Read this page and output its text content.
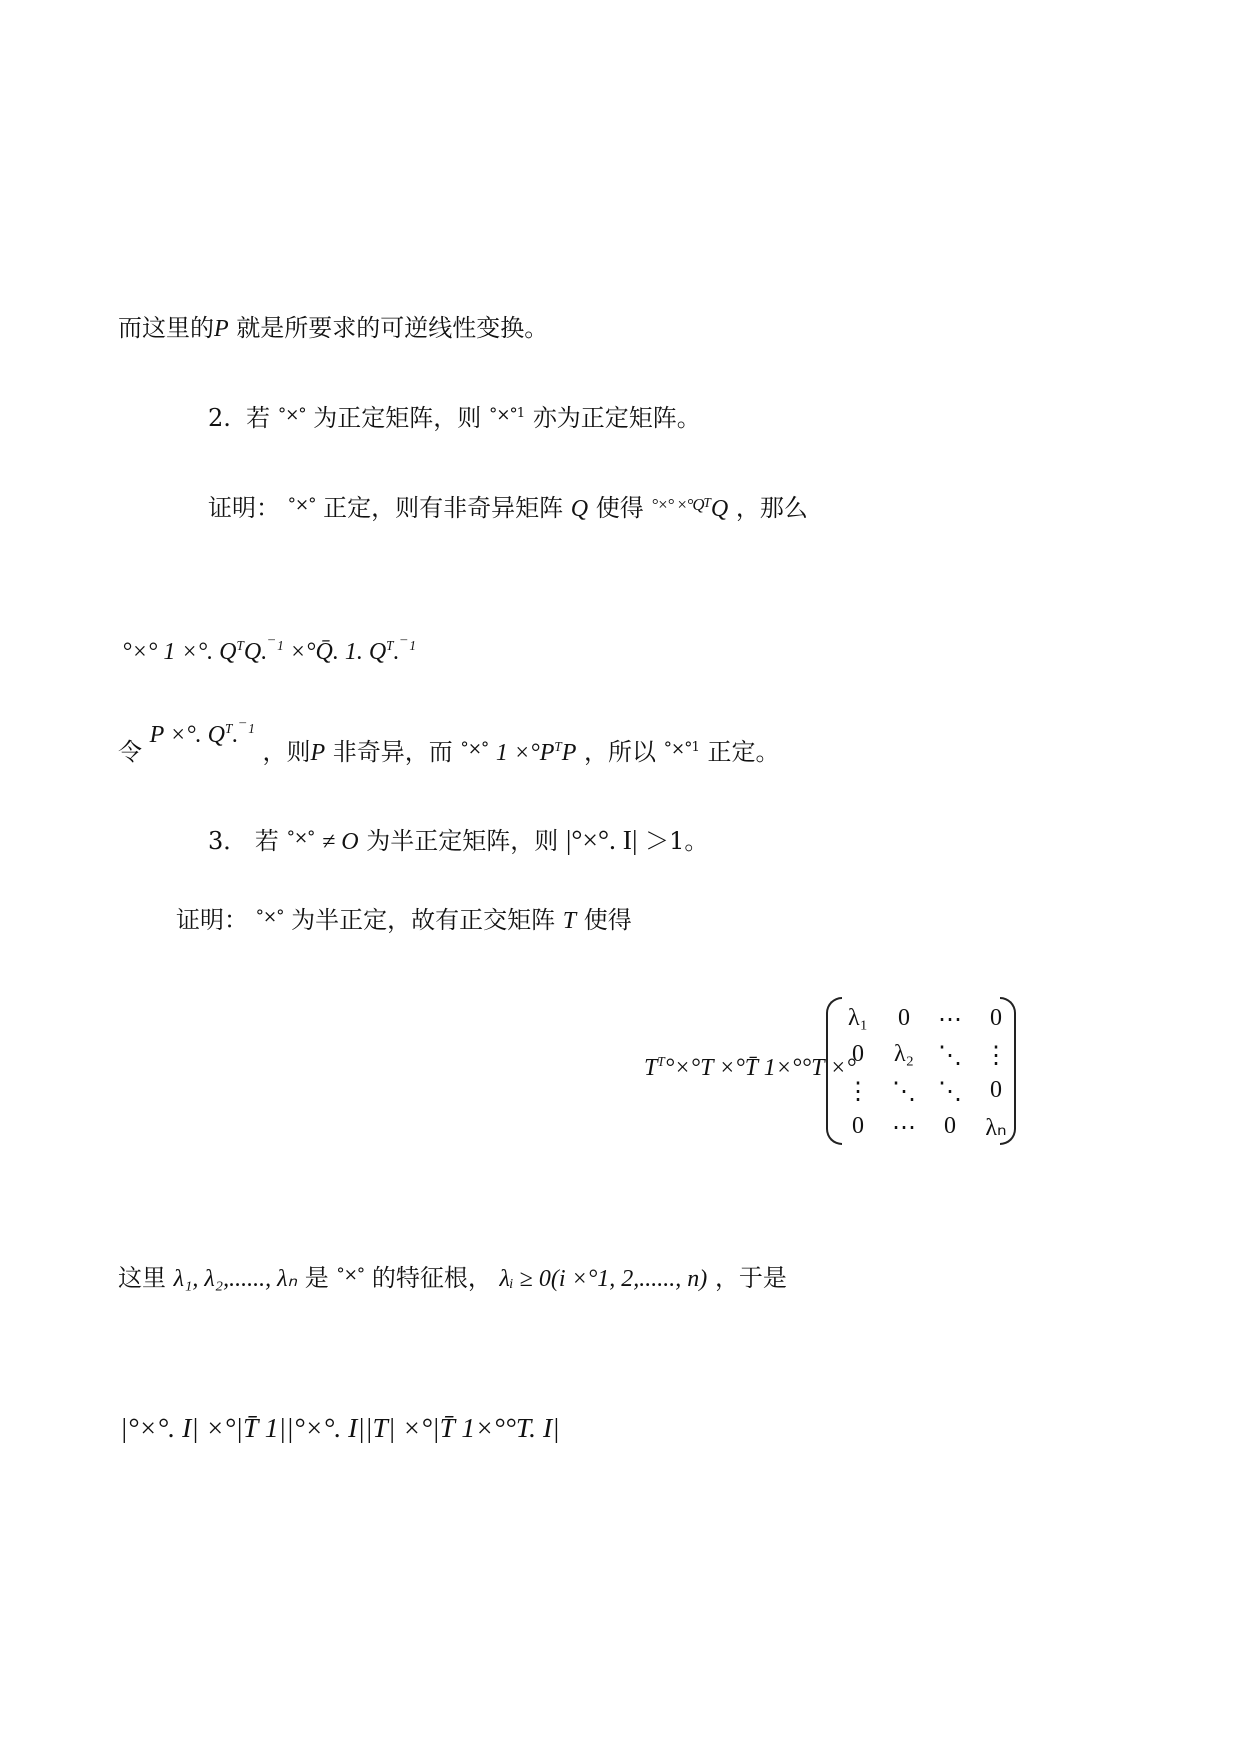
而这里的P 就是所要求的可逆线性变换。
2. 若 °×° 为正定矩阵，则 $^{^\circ\times^\circ 1}$ 亦为正定矩阵。
证明： °×° 正定，则有非奇异矩阵 Q 使得 $^{^\circ\times^\circ \times^\circ QT}$Q ，那么
°×° 1 ×°. $Q^TQ.^{¯ 1}$ ×°Q̄. 1. $Q^T.^{¯ 1}$
令 P ×°. $Q^T.^{¯ 1}$ ，则P 非奇异，而 °×° $1 \times^\circ P^TP$ ，所以 $^{^\circ\times^\circ 1}$ 正定。
3． 若 °×° ≠ O 为半正定矩阵，则 |°×°. I| ＞1。
证明： °×° 为半正定，故有正交矩阵 T 使得
$T^T^\circ\times^\circ T$ ×°T̄ 1×°°T ×°
λ₁	0	⋯	0
0	λ₂	⋱ ⋮
⋮ ⋱ ⋱	0
0	⋯	0	λₙ
这里 λ₁, λ₂,......, λₙ 是 °×° 的特征根， λᵢ ≥ 0(i ×°1, 2,......, n) ，于是
|°×°. I| ×°|T̄ 1||°×°. I||T| ×°|T̄ 1×°°T. I|
